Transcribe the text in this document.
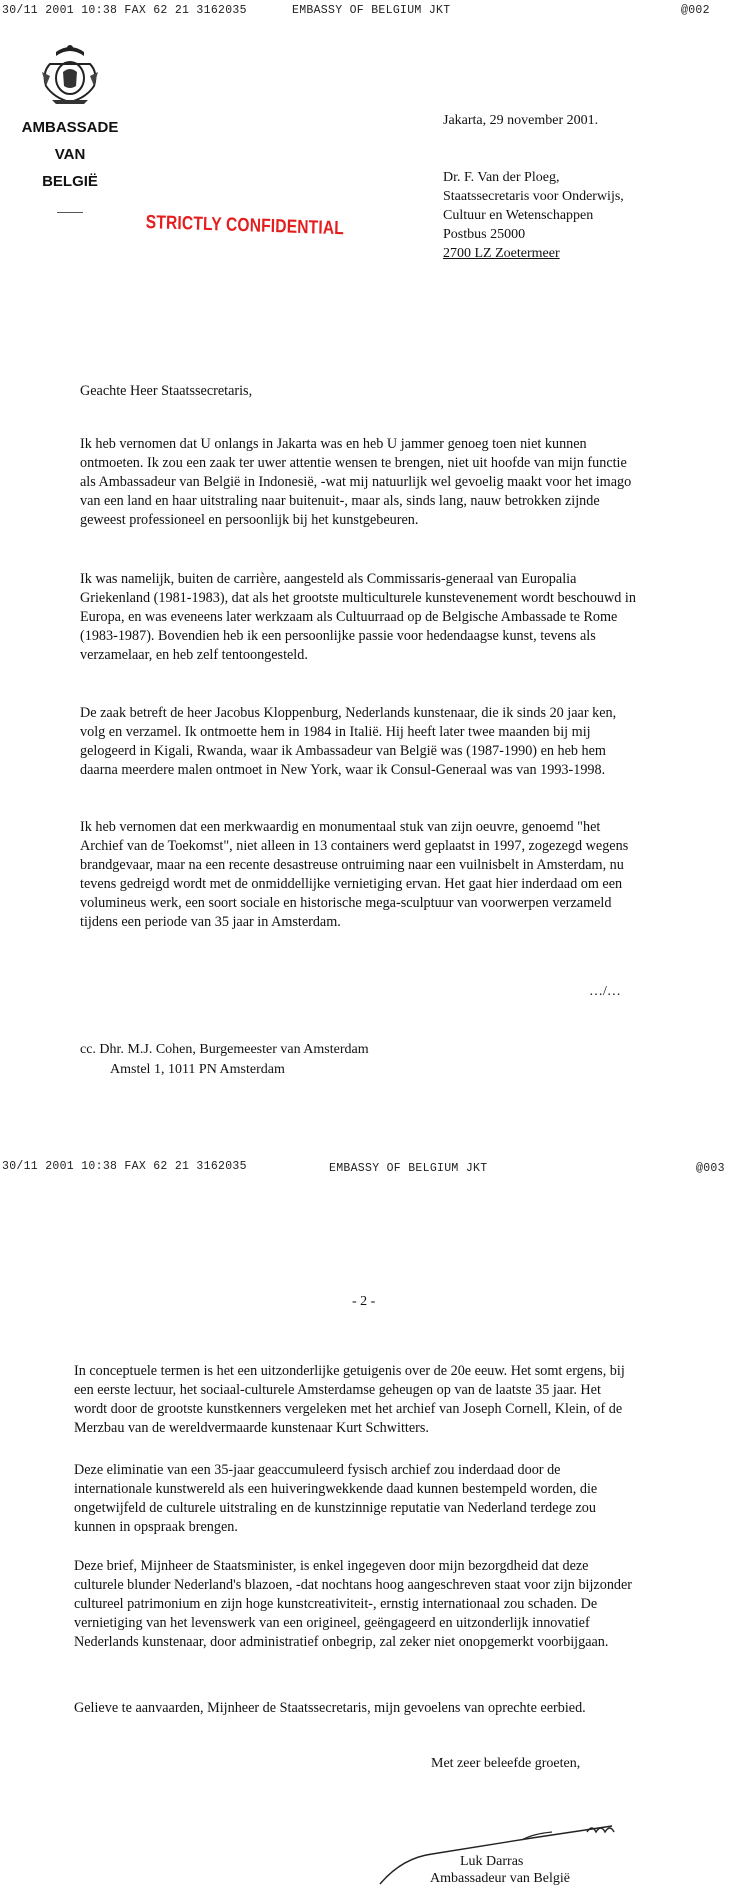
30/11 2001 10:38 FAX 62 21 3162035	EMBASSY OF BELGIUM JKT	@002
AMBASSADE
VAN
BELGIË
STRICTLY CONFIDENTIAL
Jakarta, 29 november 2001.
Dr. F. Van der Ploeg,
Staatssecretaris voor Onderwijs,
Cultuur en Wetenschappen
Postbus 25000
2700 LZ Zoetermeer
Geachte Heer Staatssecretaris,
Ik heb vernomen dat U onlangs in Jakarta was en heb U jammer genoeg toen niet kunnen ontmoeten. Ik zou een zaak ter uwer attentie wensen te brengen, niet uit hoofde van mijn functie als Ambassadeur van België in Indonesië, -wat mij natuurlijk wel gevoelig maakt voor het imago van een land en haar uitstraling naar buitenuit-, maar als, sinds lang, nauw betrokken zijnde geweest professioneel en persoonlijk bij het kunstgebeuren.
Ik was namelijk, buiten de carrière, aangesteld als Commissaris-generaal van Europalia Griekenland (1981-1983), dat als het grootste multiculturele kunstevenement wordt beschouwd in Europa, en was eveneens later werkzaam als Cultuurraad op de Belgische Ambassade te Rome (1983-1987). Bovendien heb ik een persoonlijke passie voor hedendaagse kunst, tevens als verzamelaar, en heb zelf tentoongesteld.
De zaak betreft de heer Jacobus Kloppenburg, Nederlands kunstenaar, die ik sinds 20 jaar ken, volg en verzamel. Ik ontmoette hem in 1984 in Italië. Hij heeft later twee maanden bij mij gelogeerd in Kigali, Rwanda, waar ik Ambassadeur van België was (1987-1990) en heb hem daarna meerdere malen ontmoet in New York, waar ik Consul-Generaal was van 1993-1998.
Ik heb vernomen dat een merkwaardig en monumentaal stuk van zijn oeuvre, genoemd "het Archief van de Toekomst", niet alleen in 13 containers werd geplaatst in 1997, zogezegd wegens brandgevaar, maar na een recente desastreuse ontruiming naar een vuilnisbelt in Amsterdam, nu tevens gedreigd wordt met de onmiddellijke vernietiging ervan. Het gaat hier inderdaad om een volumineus werk, een soort sociale en historische mega-sculptuur van voorwerpen verzameld tijdens een periode van 35 jaar in Amsterdam.
…/…
cc. Dhr. M.J. Cohen, Burgemeester van Amsterdam
Amstel 1, 1011 PN Amsterdam
30/11 2001 10:38 FAX 62 21 3162035	EMBASSY OF BELGIUM JKT	@003
- 2 -
In conceptuele termen is het een uitzonderlijke getuigenis over de 20e eeuw. Het somt ergens, bij een eerste lectuur, het sociaal-culturele Amsterdamse geheugen op van de laatste 35 jaar. Het wordt door de grootste kunstkenners vergeleken met het archief van Joseph Cornell, Klein, of de Merzbau van de wereldvermaarde kunstenaar Kurt Schwitters.
Deze eliminatie van een 35-jaar geaccumuleerd fysisch archief zou inderdaad door de internationale kunstwereld als een huiveringwekkende daad kunnen bestempeld worden, die ongetwijfeld de culturele uitstraling en de kunstzinnige reputatie van Nederland terdege zou kunnen in opspraak brengen.
Deze brief, Mijnheer de Staatsminister, is enkel ingegeven door mijn bezorgdheid dat deze culturele blunder Nederland's blazoen, -dat nochtans hoog aangeschreven staat voor zijn bijzonder cultureel patrimonium en zijn hoge kunstcreativiteit-, ernstig internationaal zou schaden. De vernietiging van het levenswerk van een origineel, geëngageerd en uitzonderlijk innovatief Nederlands kunstenaar, door administratief onbegrip, zal zeker niet onopgemerkt voorbijgaan.
Gelieve te aanvaarden, Mijnheer de Staatssecretaris, mijn gevoelens van oprechte eerbied.
Met zeer beleefde groeten,
Luk Darras
Ambassadeur van België
